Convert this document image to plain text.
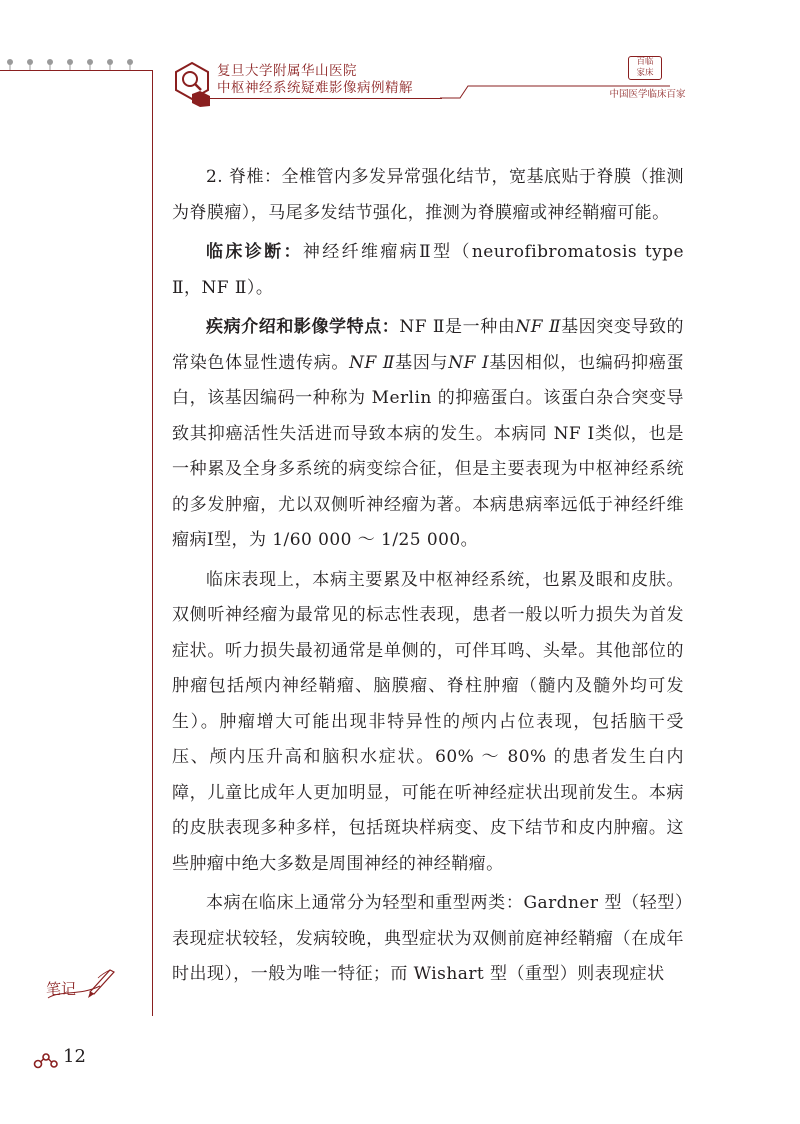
复旦大学附属华山医院
中枢神经系统疑难影像病例精解
百临
家床
中国医学临床百家

2. 脊椎：全椎管内多发异常强化结节，宽基底贴于脊膜（推测为脊膜瘤），马尾多发结节强化，推测为脊膜瘤或神经鞘瘤可能。

临床诊断：神经纤维瘤病Ⅱ型（neurofibromatosis type Ⅱ，NF Ⅱ）。

疾病介绍和影像学特点：NF Ⅱ是一种由NF Ⅱ基因突变导致的常染色体显性遗传病。NF Ⅱ基因与NF Ⅰ基因相似，也编码抑癌蛋白，该基因编码一种称为 Merlin 的抑癌蛋白。该蛋白杂合突变导致其抑癌活性失活进而导致本病的发生。本病同 NF Ⅰ类似，也是一种累及全身多系统的病变综合征，但是主要表现为中枢神经系统的多发肿瘤，尤以双侧听神经瘤为著。本病患病率远低于神经纤维瘤病Ⅰ型，为 1/60 000 ～ 1/25 000。

临床表现上，本病主要累及中枢神经系统，也累及眼和皮肤。双侧听神经瘤为最常见的标志性表现，患者一般以听力损失为首发症状。听力损失最初通常是单侧的，可伴耳鸣、头晕。其他部位的肿瘤包括颅内神经鞘瘤、脑膜瘤、脊柱肿瘤（髓内及髓外均可发生）。肿瘤增大可能出现非特异性的颅内占位表现，包括脑干受压、颅内压升高和脑积水症状。60% ～ 80% 的患者发生白内障，儿童比成年人更加明显，可能在听神经症状出现前发生。本病的皮肤表现多种多样，包括斑块样病变、皮下结节和皮内肿瘤。这些肿瘤中绝大多数是周围神经的神经鞘瘤。

本病在临床上通常分为轻型和重型两类：Gardner 型（轻型）表现症状较轻，发病较晚，典型症状为双侧前庭神经鞘瘤（在成年时出现），一般为唯一特征；而 Wishart 型（重型）则表现症状

笔记
12
